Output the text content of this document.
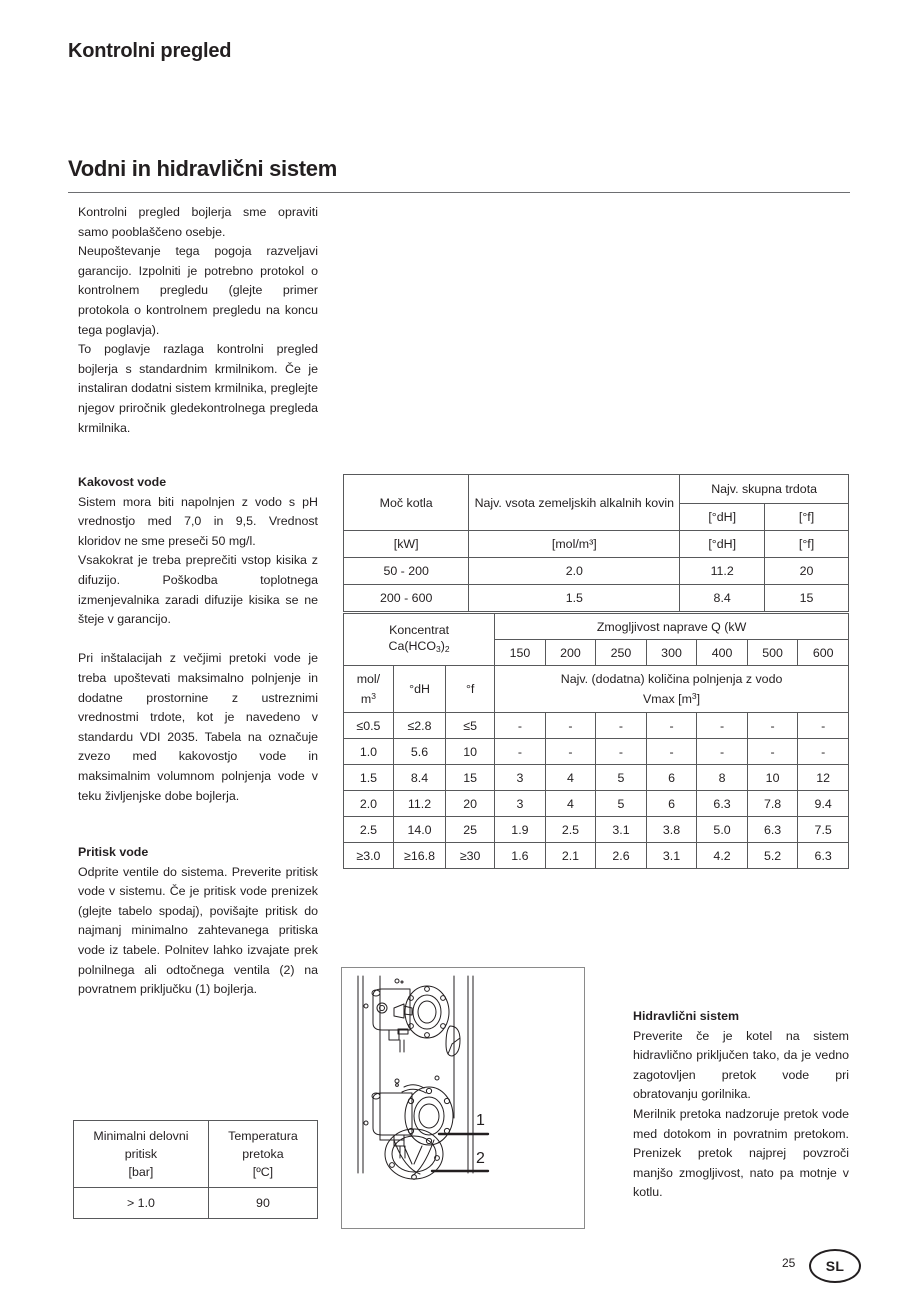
Kontrolni pregled
Vodni in hidravlični sistem

Kontrolni pregled bojlerja sme opraviti samo pooblaščeno osebje.

Neupoštevanje tega pogoja razveljavi garancijo. Izpolniti je potrebno protokol o kontrolnem pregledu (glejte primer protokola o kontrolnem pregledu na koncu tega poglavja).

To poglavje razlaga kontrolni pregled bojlerja s standardnim krmilnikom. Če je instaliran dodatni sistem krmilnika, preglejte njegov priročnik gledekontrolnega pregleda krmilnika.

Kakovost vode

Sistem mora biti napolnjen z vodo s pH vrednostjo med 7,0 in 9,5. Vrednost kloridov ne sme preseči 50 mg/l.

Vsakokrat je treba preprečiti vstop kisika z difuzijo. Poškodba toplotnega izmenjevalnika zaradi difuzije kisika se ne šteje v garancijo.

Pri inštalacijah z večjimi pretoki vode je treba upoštevati maksimalno polnjenje in dodatne prostornine z ustreznimi vrednostmi trdote, kot je navedeno v standardu VDI 2035. Tabela na označuje zvezo med kakovostjo vode in maksimalnim volumnom polnjenja vode v teku življenjske dobe bojlerja.

Pritisk vode

Odprite ventile do sistema. Preverite pritisk vode v sistemu. Če je pritisk vode prenizek (glejte tabelo spodaj), povišajte pritisk do najmanj minimalno zahtevanega pritiska vode iz tabele. Polnitev lahko izvajate prek polnilnega ali odtočnega ventila (2) na povratnem priključku (1) bojlerja.

Hidravlični sistem

Preverite če je kotel na sistem hidravlično priključen tako, da je vedno zagotovljen pretok vode pri obratovanju gorilnika.

Merilnik pretoka nadzoruje pretok vode med dotokom in povratnim pretokom. Prenizek pretok najprej povzroči manjšo zmogljivost, nato pa motnje v kotlu.

Moč kotla	Najv. vsota zemeljskih alkalnih kovin	Najv. skupna trdota	
		[°dH]	[°f]
[kW]	[mol/m³]	[°dH]	[°f]
50 - 200	2.0	11.2	20
200 - 600	1.5	8.4	15
Koncentrat
$Ca(HCO_3)_2$			Zmogljivost naprave Q (kW						
			150	200	250	300	400	500	600
mol/
$m^3$	°dH	°f	Najv. (dodatna) količina polnjenja z vodo
Vmax $[m^3]$						
≤0.5	≤2.8	≤5	-	-	-	-	-	-	-
1.0	5.6	10	-	-	-	-	-	-	-
1.5	8.4	15	3	4	5	6	8	10	12
2.0	11.2	20	3	4	5	6	6.3	7.8	9.4
2.5	14.0	25	1.9	2.5	3.1	3.8	5.0	6.3	7.5
≥3.0	≥16.8	≥30	1.6	2.1	2.6	3.1	4.2	5.2	6.3
Minimalni delovni
pritisk
[bar]	Temperatura
pretoka
[ºC]
> 1.0	90
1
2
25	SL
